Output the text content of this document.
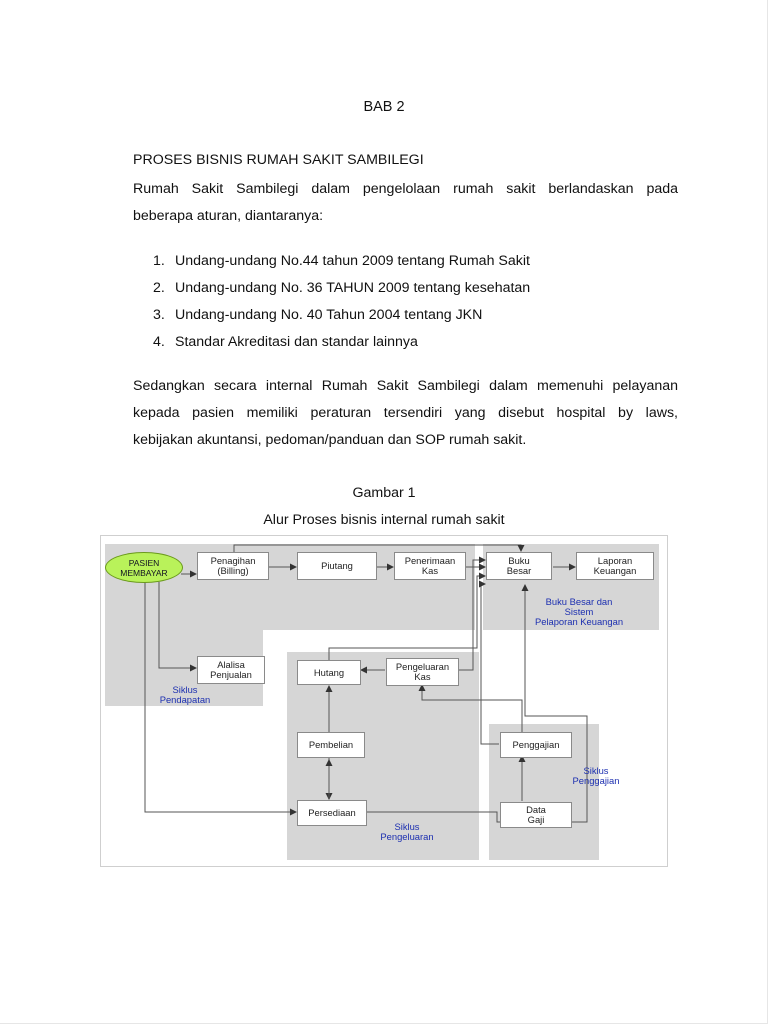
BAB 2
PROSES BISNIS RUMAH SAKIT SAMBILEGI
Rumah Sakit Sambilegi dalam pengelolaan rumah sakit berlandaskan pada
beberapa aturan, diantaranya:
1. Undang-undang No.44 tahun 2009 tentang Rumah Sakit
2. Undang-undang No. 36 TAHUN 2009 tentang kesehatan
3. Undang-undang No. 40 Tahun 2004 tentang JKN
4. Standar Akreditasi dan standar lainnya
Sedangkan secara internal Rumah Sakit Sambilegi dalam memenuhi pelayanan
kepada pasien memiliki peraturan tersendiri yang disebut hospital by laws,
kebijakan akuntansi, pedoman/panduan dan SOP rumah sakit.
Gambar 1
Alur Proses bisnis internal rumah sakit
PASIEN
MEMBAYAR
Penagihan
(Billing)	Piutang	Penerimaan
Kas
Buku
Besar
Laporan
Keuangan
Buku Besar dan
Sistem
Pelaporan Keuangan
Alalisa
Penjualan
Siklus
Pendapatan
Hutang	Pengeluaran
Kas
Pembelian
Persediaan
Siklus
Pengeluaran
Penggajian
Siklus
Penggajian
Data
Gaji
